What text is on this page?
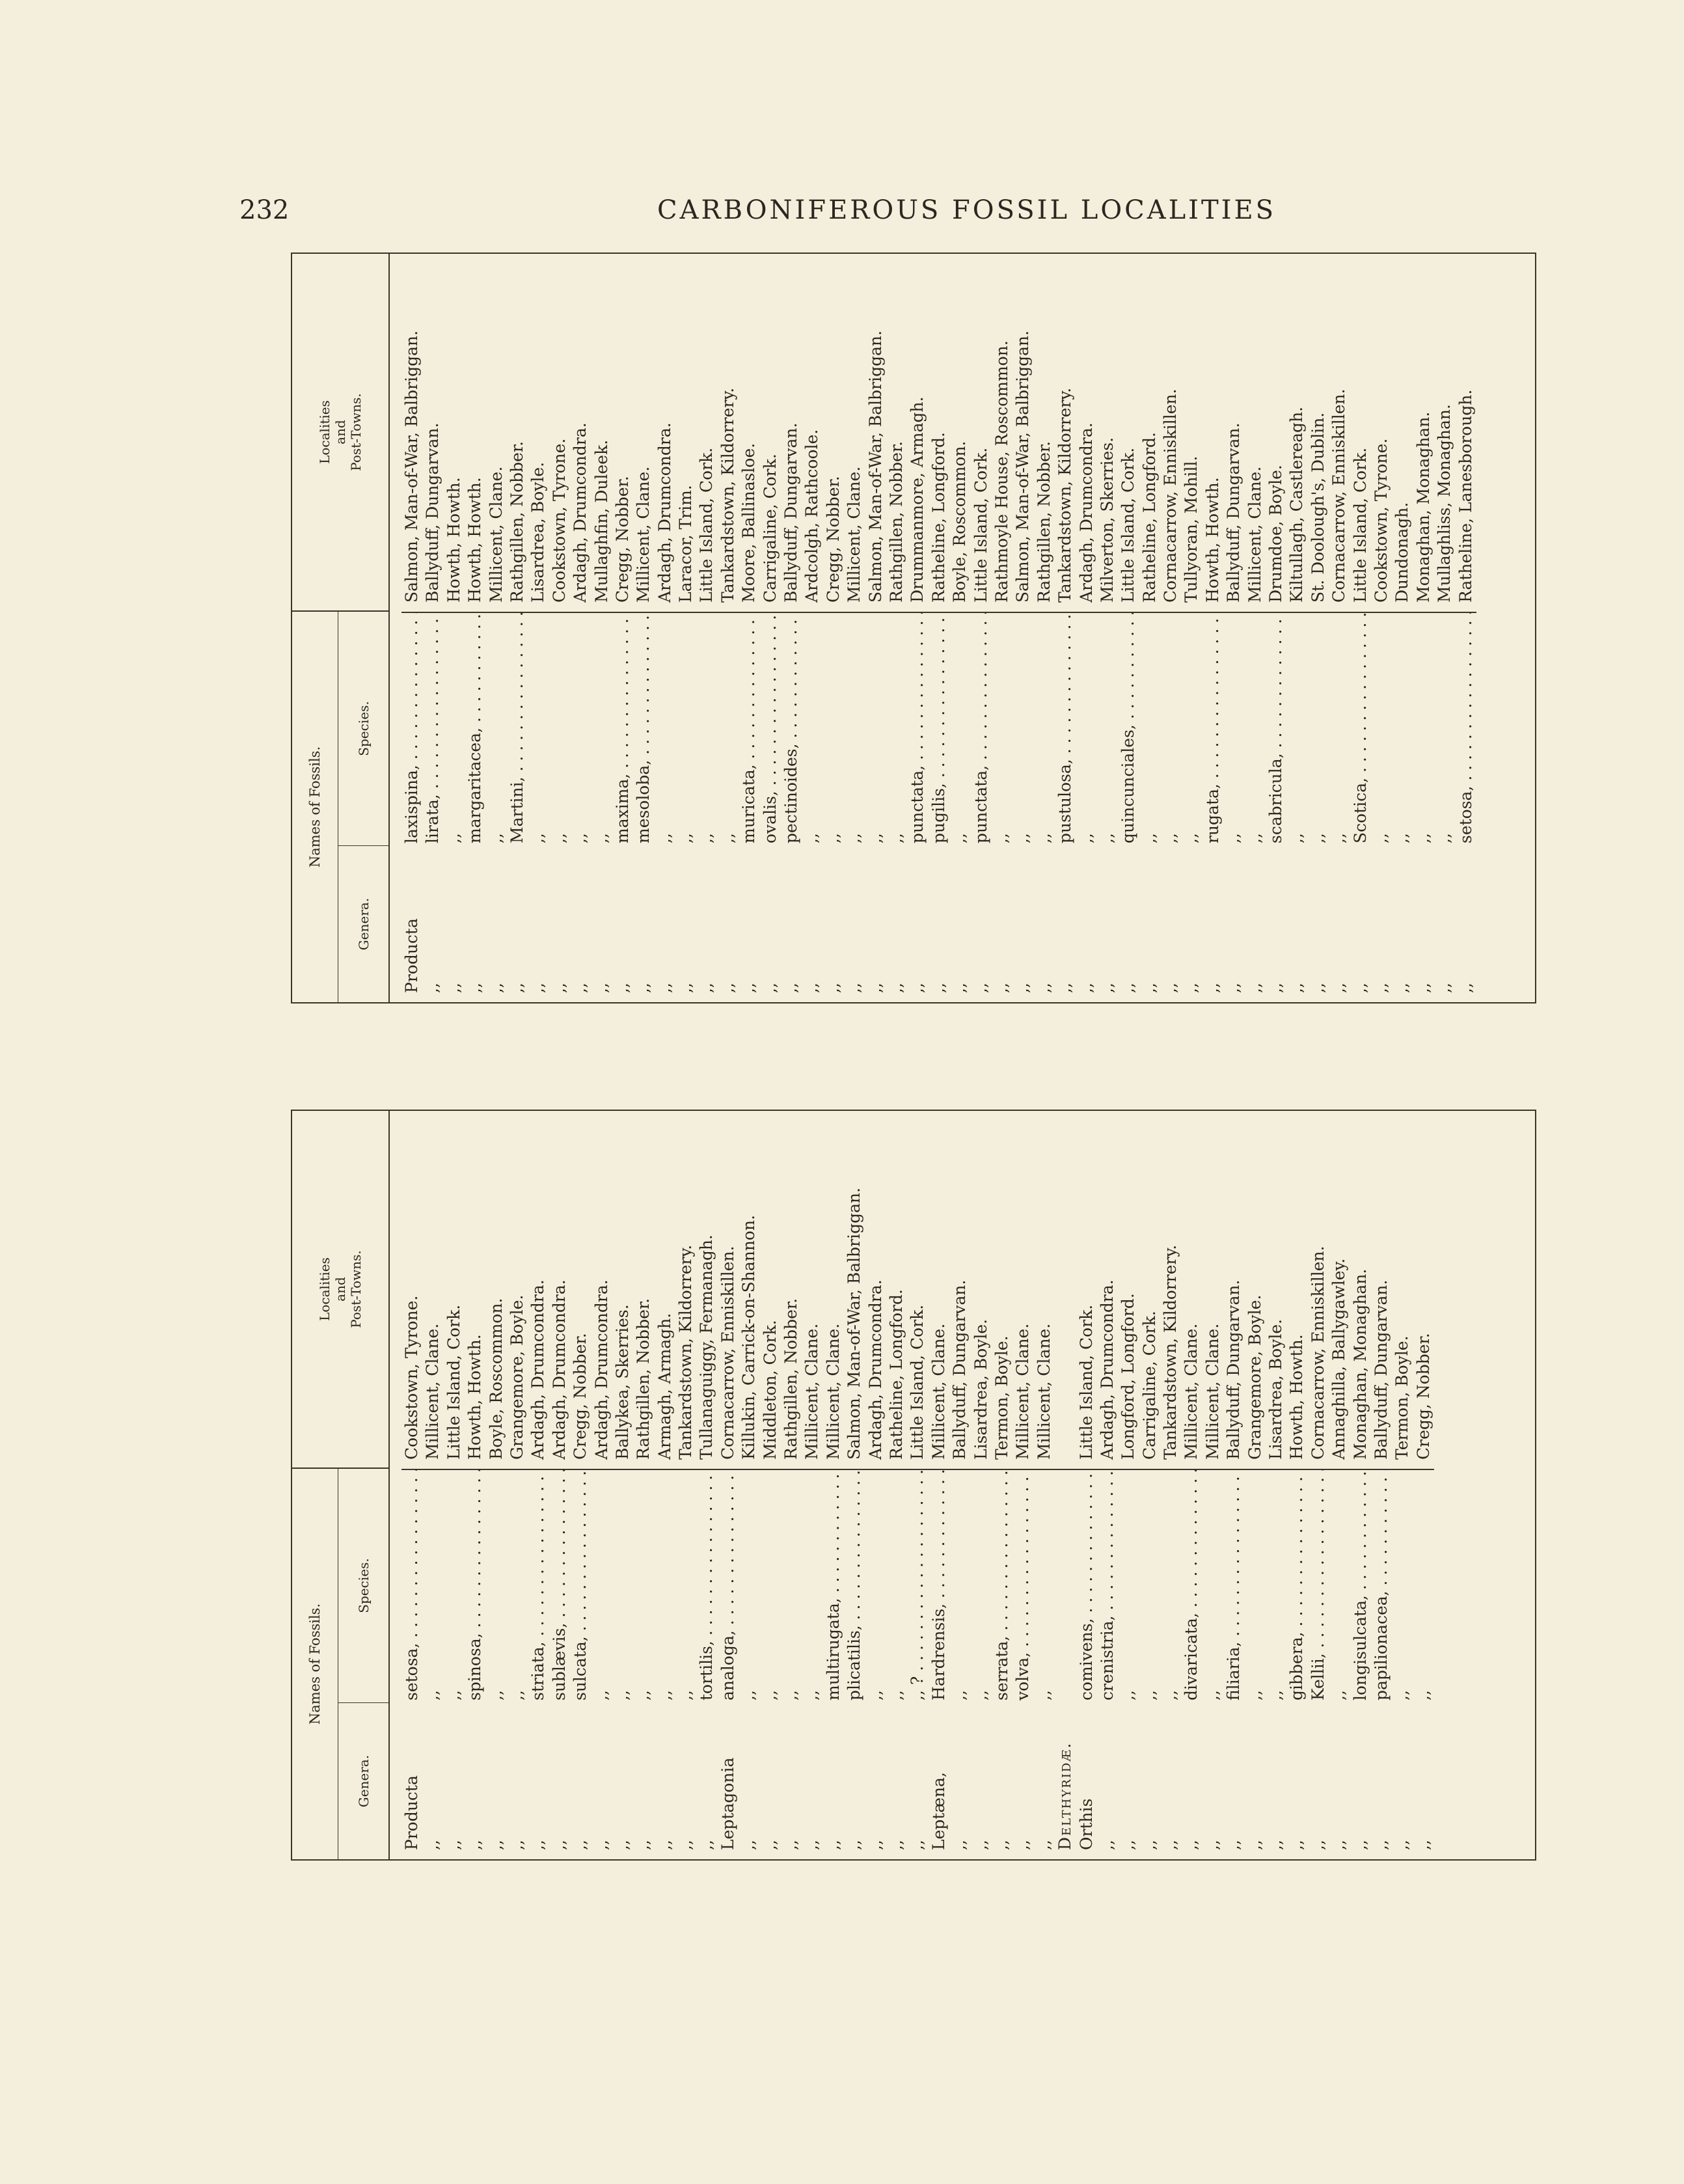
232	CARBONIFEROUS FOSSIL LOCALITIES
Names of Fossils.
Genera.
Species.
Localities and Post-Towns.
Producta
laxispina, . . .
Salmon, Man-of-War, Balbriggan.
,,
lirata, . . .
Ballyduff, Dungarvan.
,,
,,
Howth, Howth.
,,
margaritacea, . . .
Howth, Howth.
,,
,,
Millicent, Clane.
,,
Martini, . . .
Rathgillen, Nobber.
,,
,,
Lisardrea, Boyle.
,,
,,
Cookstown, Tyrone.
,,
,,
Ardagh, Drumcondra.
,,
,,
Mullaghfin, Duleek.
,,
maxima, . . .
Cregg, Nobber.
,,
mesoloba, . . .
Millicent, Clane.
,,
,,
Ardagh, Drumcondra.
,,
,,
Laracor, Trim.
,,
,,
Little Island, Cork.
,,
,,
Tankardstown, Kildorrery.
,,
muricata, . . .
Moore, Ballinasloe.
,,
ovalis, . . .
Carrigaline, Cork.
,,
pectinoides, . . .
Ballyduff, Dungarvan.
,,
,,
Ardcolgh, Rathcoole.
,,
,,
Cregg, Nobber.
,,
,,
Millicent, Clane.
,,
,,
Salmon, Man-of-War, Balbriggan.
,,
,,
Rathgillen, Nobber.
,,
punctata, . . .
Drummanmore, Armagh.
,,
pugilis, . . .
Ratheline, Longford.
,,
,,
Boyle, Roscommon.
,,
punctata, . . .
Little Island, Cork.
,,
,,
Rathmoyle House, Roscommon.
,,
,,
Salmon, Man-of-War, Balbriggan.
,,
,,
Rathgillen, Nobber.
,,
pustulosa, . . .
Tankardstown, Kildorrery.
,,
,,
Ardagh, Drumcondra.
,,
,,
Milverton, Skerries.
,,
quincunciales, . . .
Little Island, Cork.
,,
,,
Ratheline, Longford.
,,
,,
Cornacarrow, Enniskillen.
,,
,,
Tullyoran, Mohill.
,,
rugata, . . .
Howth, Howth.
,,
,,
Ballyduff, Dungarvan.
,,
,,
Millicent, Clane.
,,
scabricula, . . .
Drumdoe, Boyle.
,,
,,
Kiltullagh, Castlereagh.
,,
,,
St. Doolough's, Dublin.
,,
,,
Cornacarrow, Enniskillen.
,,
Scotica, . . .
Little Island, Cork.
,,
,,
Cookstown, Tyrone.
,,
,,
Dundonagh.
,,
,,
Monaghan, Monaghan.
,,
,,
Mullaghliss, Monaghan.
,,
setosa, . . .
Ratheline, Lanesborough.
Names of Fossils.
Genera.
Species.
Localities and Post-Towns.
Producta
setosa, . . .
Cookstown, Tyrone.
,,
,,
Millicent, Clane.
,,
,,
Little Island, Cork.
,,
spinosa, . . .
Howth, Howth.
,,
,,
Boyle, Roscommon.
,,
,,
Grangemore, Boyle.
,,
striata, . . .
Ardagh, Drumcondra.
,,
sublævis, . . .
Ardagh, Drumcondra.
,,
sulcata, . . .
Cregg, Nobber.
,,
,,
Ardagh, Drumcondra.
,,
,,
Ballykea, Skerries.
,,
,,
Rathgillen, Nobber.
,,
,,
Armagh, Armagh.
,,
,,
Tankardstown, Kildorrery.
,,
tortilis, . . .
Tullanaguiggy, Fermanagh.
Leptagonia
analoga, . . .
Cornacarrow, Enniskillen.
,,
,,
Killukin, Carrick-on-Shannon.
,,
,,
Middleton, Cork.
,,
,,
Rathgillen, Nobber.
,,
,,
Millicent, Clane.
,,
multirugata, . . .
Millicent, Clane.
,,
plicatilis, . . .
Salmon, Man-of-War, Balbriggan.
,,
,,
Ardagh, Drumcondra.
,,
,,
Ratheline, Longford.
,,
,, ? . . .
Little Island, Cork.
Leptæna,
Hardrensis, . . .
Millicent, Clane.
,,
,,
Ballyduff, Dungarvan.
,,
,,
Lisardrea, Boyle.
,,
serrata, . . .
Termon, Boyle.
,,
volva, . . .
Millicent, Clane.
,,
,,
Millicent, Clane.
Delthyridæ. Orthis
comivens, . . .
Little Island, Cork.
,,
crenistria, . . .
Ardagh, Drumcondra.
,,
,,
Longford, Longford.
,,
,,
Carrigaline, Cork.
,,
,,
Tankardstown, Kildorrery.
,,
divaricata, . . .
Millicent, Clane.
,,
,,
Millicent, Clane.
,,
filiaria, . . .
Ballyduff, Dungarvan.
,,
,,
Grangemore, Boyle.
,,
,,
Lisardrea, Boyle.
,,
gibbera, . . .
Howth, Howth.
,,
Kellii, . . .
Cornacarrow, Enniskillen.
,,
,,
Annaghilla, Ballygawley.
,,
longisulcata, . . .
Monaghan, Monaghan.
,,
papilionacea, . . .
Ballyduff, Dungarvan.
,,
,,
Termon, Boyle.
,,
,,
Cregg, Nobber.
